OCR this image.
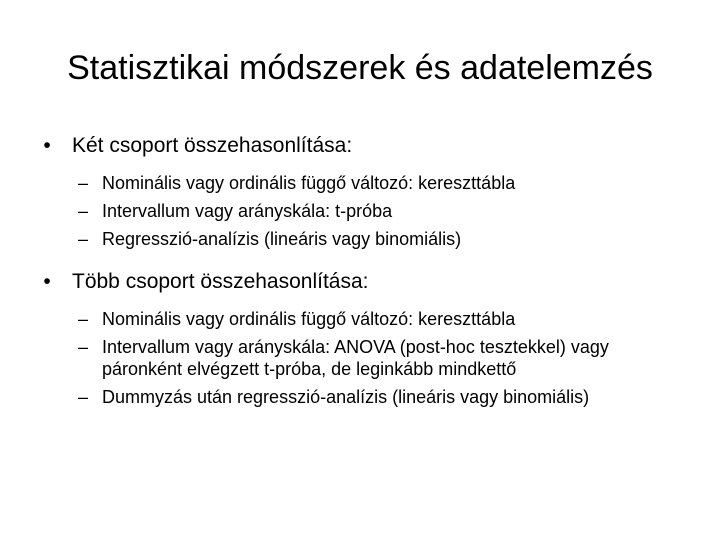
Statisztikai módszerek és adatelemzés
•	Két csoport összehasonlítása:
– Nominális vagy ordinális függő változó: kereszttábla
– Intervallum vagy arányskála: t-próba
– Regresszió-analízis (lineáris vagy binomiális)
•	Több csoport összehasonlítása:
– Nominális vagy ordinális függő változó: kereszttábla
– Intervallum vagy arányskála: ANOVA (post-hoc tesztekkel) vagy páronként elvégzett t-próba, de leginkább mindkettő
– Dummyzás után regresszió-analízis (lineáris vagy binomiális)
